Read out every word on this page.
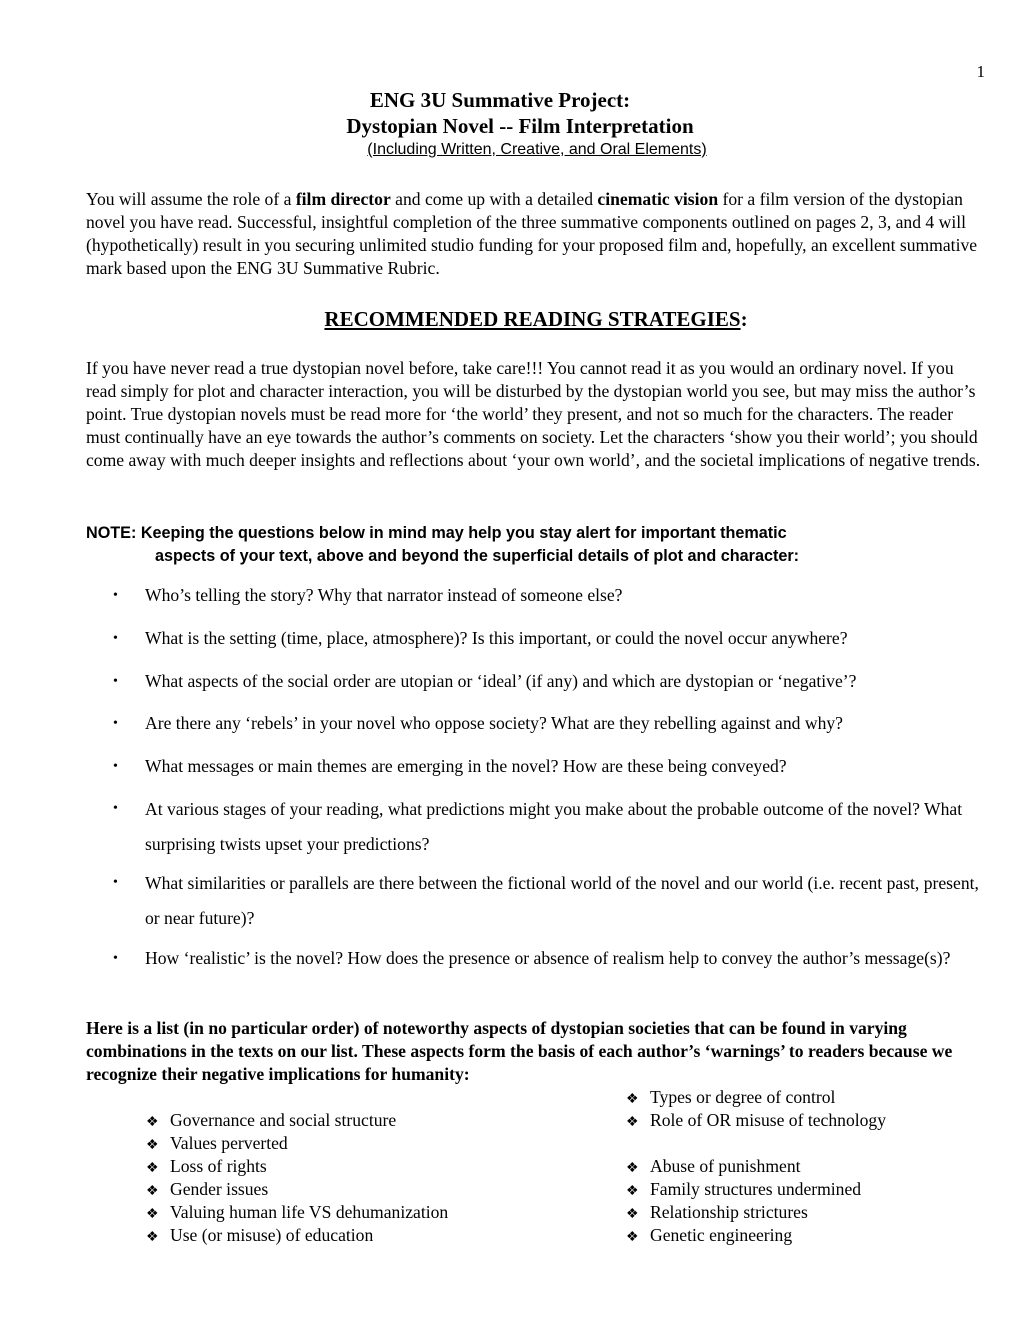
1
ENG 3U Summative Project:
Dystopian Novel -- Film Interpretation
(Including Written, Creative, and Oral Elements)

You will assume the role of a film director and come up with a detailed cinematic vision for a film version of the dystopian novel you have read. Successful, insightful completion of the three summative components outlined on pages 2, 3, and 4 will (hypothetically) result in you securing unlimited studio funding for your proposed film and, hopefully, an excellent summative mark based upon the ENG 3U Summative Rubric.

RECOMMENDED READING STRATEGIES:

If you have never read a true dystopian novel before, take care!!! You cannot read it as you would an ordinary novel. If you read simply for plot and character interaction, you will be disturbed by the dystopian world you see, but may miss the author’s point. True dystopian novels must be read more for ‘the world’ they present, and not so much for the characters. The reader must continually have an eye towards the author’s comments on society. Let the characters ‘show you their world’; you should come away with much deeper insights and reflections about ‘your own world’, and the societal implications of negative trends.

NOTE: Keeping the questions below in mind may help you stay alert for important thematic
aspects of your text, above and beyond the superficial details of plot and character:
• Who’s telling the story? Why that narrator instead of someone else?
• What is the setting (time, place, atmosphere)? Is this important, or could the novel occur anywhere?
• What aspects of the social order are utopian or ‘ideal’ (if any) and which are dystopian or ‘negative’?
• Are there any ‘rebels’ in your novel who oppose society? What are they rebelling against and why?
• What messages or main themes are emerging in the novel? How are these being conveyed?
• At various stages of your reading, what predictions might you make about the probable outcome of the novel? What surprising twists upset your predictions?
• What similarities or parallels are there between the fictional world of the novel and our world (i.e. recent past, present, or near future)?
• How ‘realistic’ is the novel? How does the presence or absence of realism help to convey the author’s message(s)?

Here is a list (in no particular order) of noteworthy aspects of dystopian societies that can be found in varying combinations in the texts on our list. These aspects form the basis of each author’s ‘warnings’ to readers because we recognize their negative implications for humanity:

❖ Types or degree of control
❖ Governance and social structure	❖ Role of OR misuse of technology
❖ Values perverted
❖ Loss of rights	❖ Abuse of punishment
❖ Gender issues	❖ Family structures undermined
❖ Valuing human life VS dehumanization	❖ Relationship strictures
❖ Use (or misuse) of education	❖ Genetic engineering
